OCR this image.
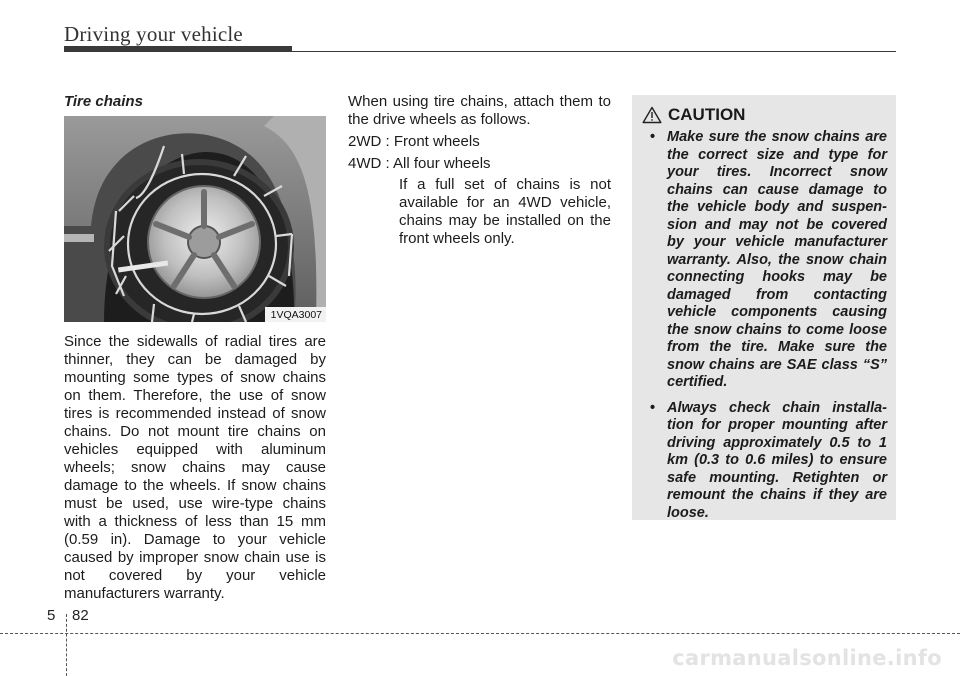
Driving your vehicle
Tire chains
1VQA3007

Since the sidewalls of radial tires are thinner, they can be damaged by mounting some types of snow chains on them. Therefore, the use of snow tires is recommended instead of snow chains. Do not mount tire chains on vehicles equipped with aluminum wheels; snow chains may cause damage to the wheels. If snow chains must be used, use wire-type chains with a thickness of less than 15 mm (0.59 in). Damage to your vehicle caused by improper snow chain use is not covered by your vehicle manufacturers warranty.

When using tire chains, attach them to the drive wheels as follows.

2WD : Front wheels
4WD : All four wheels

If a full set of chains is not available for an 4WD vehicle, chains may be installed on the front wheels only.

CAUTION
• Make sure the snow chains are the correct size and type for your tires. Incorrect snow chains can cause damage to the vehicle body and suspen-sion and may not be covered by your vehicle manufacturer warranty. Also, the snow chain connecting hooks may be damaged from contacting vehicle components causing the snow chains to come loose from the tire. Make sure the snow chains are SAE class “S” certified.
• Always check chain installa-tion for proper mounting after driving approximately 0.5 to 1 km (0.3 to 0.6 miles) to ensure safe mounting. Retighten or remount the chains if they are loose.
5 82
carmanualsonline.info
